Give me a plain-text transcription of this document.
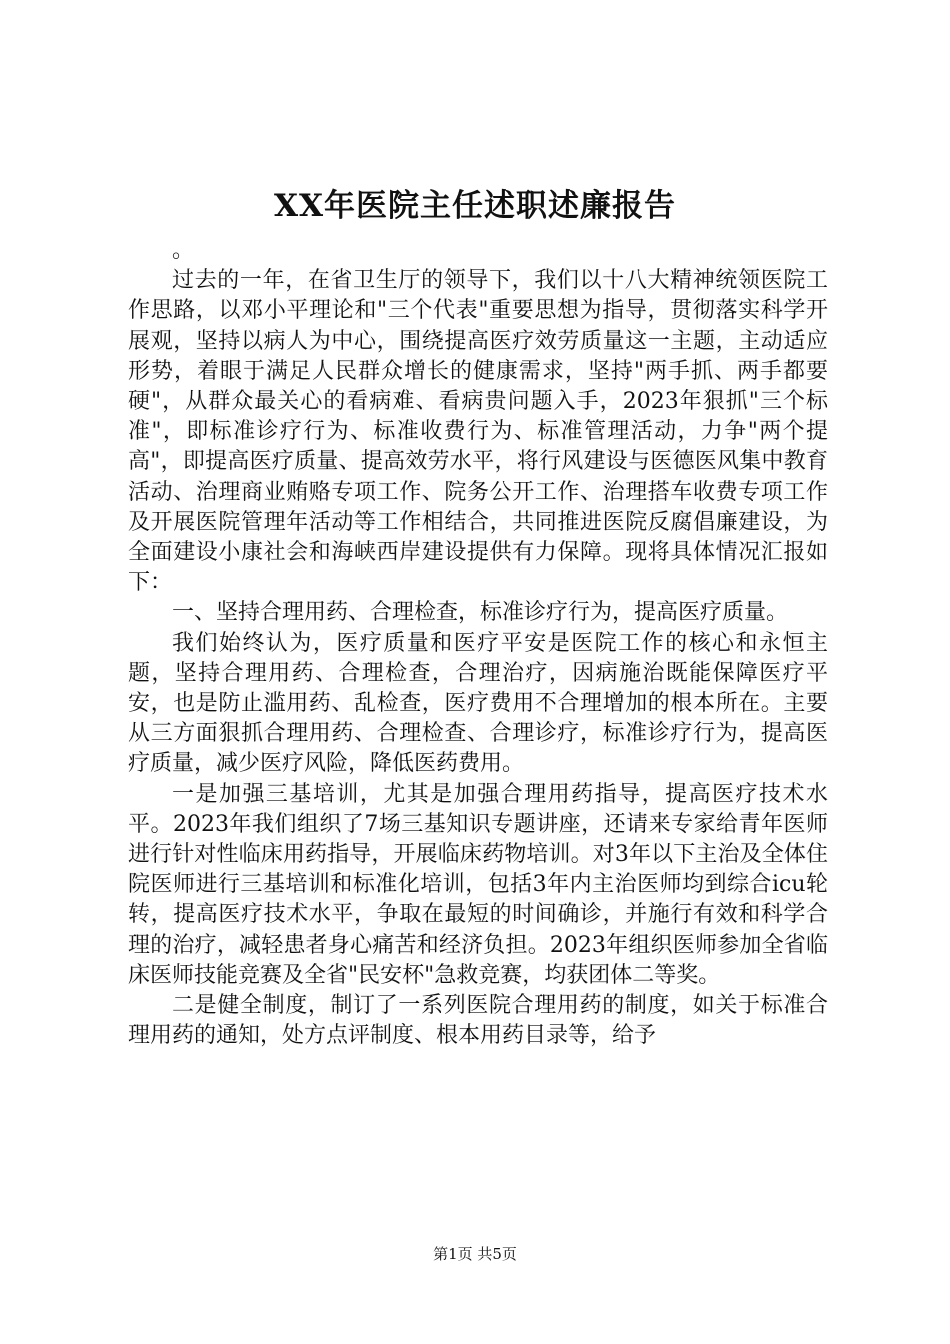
XX年医院主任述职述廉报告

。

过去的一年，在省卫生厅的领导下，我们以十八大精神统领医院工作思路，以邓小平理论和"三个代表"重要思想为指导，贯彻落实科学开展观，坚持以病人为中心，围绕提高医疗效劳质量这一主题，主动适应形势，着眼于满足人民群众增长的健康需求，坚持"两手抓、两手都要硬"，从群众最关心的看病难、看病贵问题入手，2023年狠抓"三个标准"，即标准诊疗行为、标准收费行为、标准管理活动，力争"两个提高"，即提高医疗质量、提高效劳水平，将行风建设与医德医风集中教育活动、治理商业贿赂专项工作、院务公开工作、治理搭车收费专项工作及开展医院管理年活动等工作相结合，共同推进医院反腐倡廉建设，为全面建设小康社会和海峡西岸建设提供有力保障。现将具体情况汇报如下：

一、坚持合理用药、合理检查，标准诊疗行为，提高医疗质量。

我们始终认为，医疗质量和医疗平安是医院工作的核心和永恒主题，坚持合理用药、合理检查，合理治疗，因病施治既能保障医疗平安，也是防止滥用药、乱检查，医疗费用不合理增加的根本所在。主要从三方面狠抓合理用药、合理检查、合理诊疗，标准诊疗行为，提高医疗质量，减少医疗风险，降低医药费用。

一是加强三基培训，尤其是加强合理用药指导，提高医疗技术水平。2023年我们组织了7场三基知识专题讲座，还请来专家给青年医师进行针对性临床用药指导，开展临床药物培训。对3年以下主治及全体住院医师进行三基培训和标准化培训，包括3年内主治医师均到综合icu轮转，提高医疗技术水平，争取在最短的时间确诊，并施行有效和科学合理的治疗，减轻患者身心痛苦和经济负担。2023年组织医师参加全省临床医师技能竞赛及全省"民安杯"急救竞赛，均获团体二等奖。

二是健全制度，制订了一系列医院合理用药的制度，如关于标准合理用药的通知，处方点评制度、根本用药目录等，给予

第1页 共5页
